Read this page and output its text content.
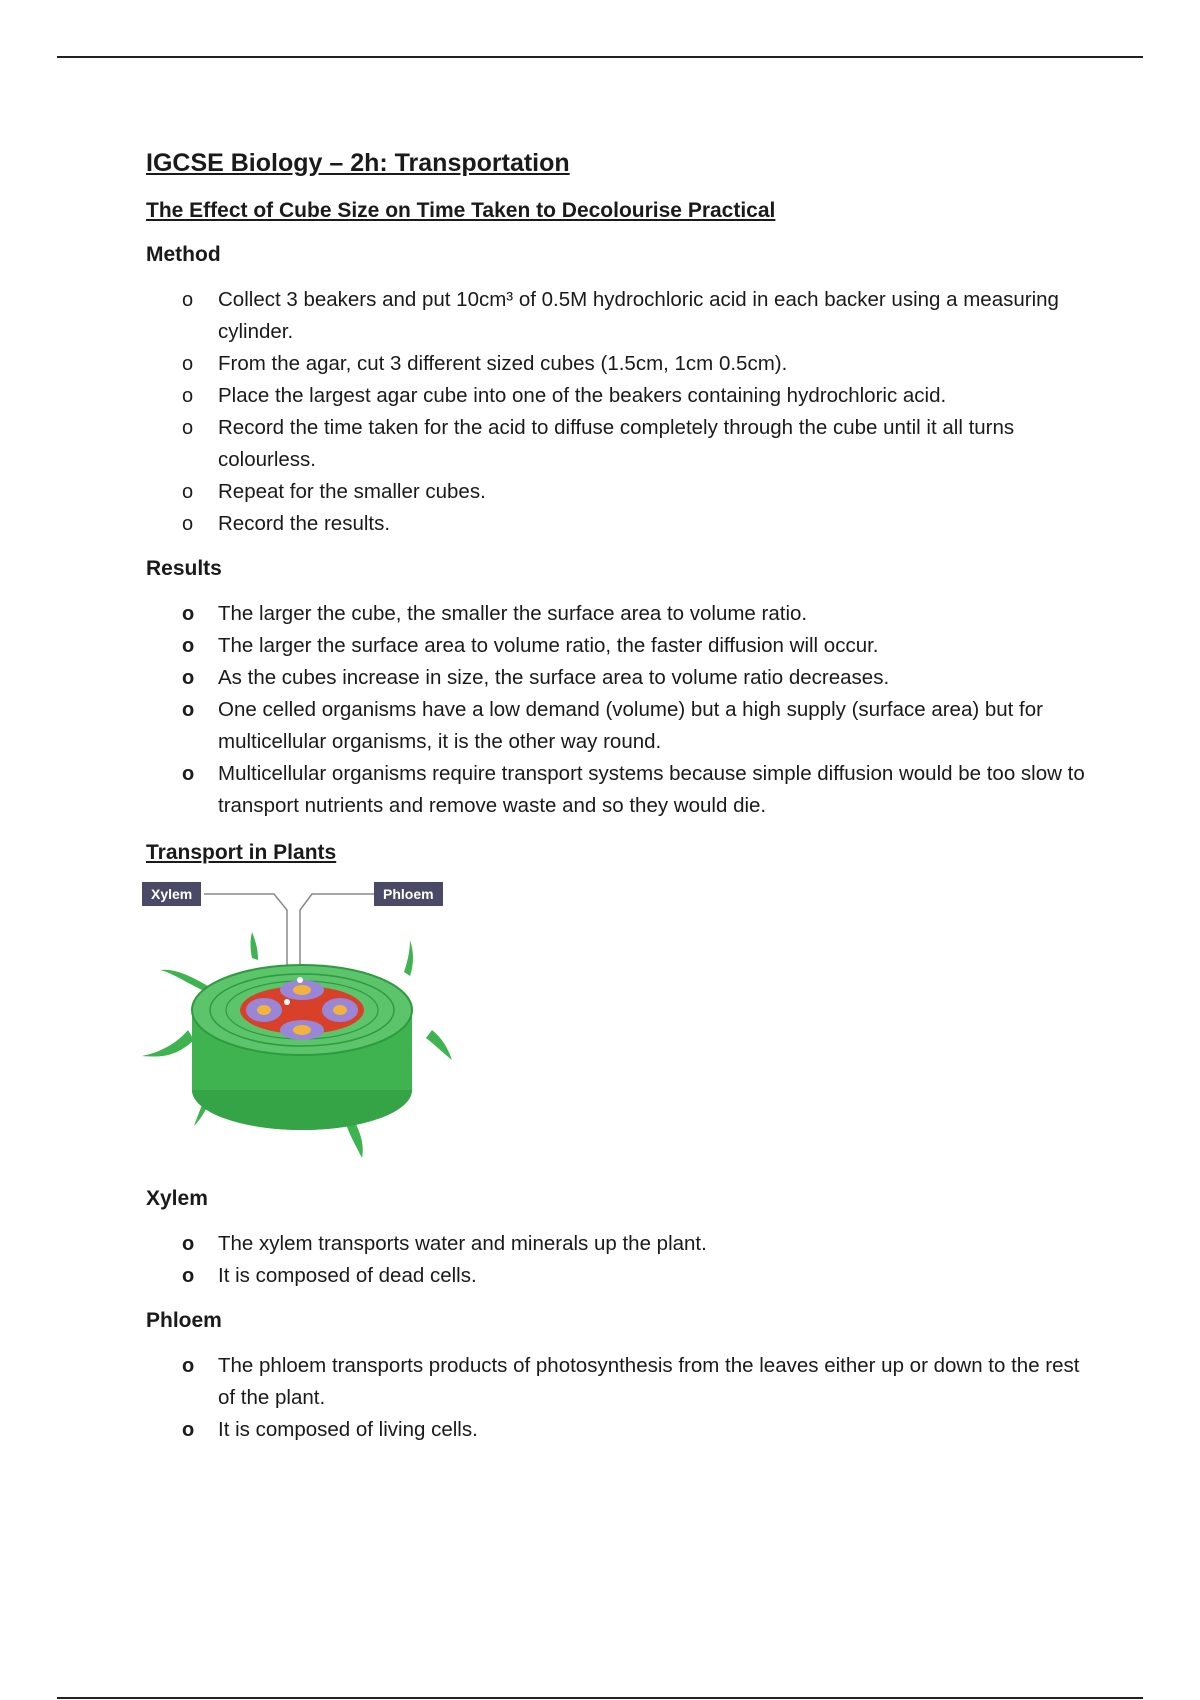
IGCSE Biology – 2h: Transportation
The Effect of Cube Size on Time Taken to Decolourise Practical
Method
o Collect 3 beakers and put 10cm³ of 0.5M hydrochloric acid in each backer using a measuring cylinder.
o From the agar, cut 3 different sized cubes (1.5cm, 1cm 0.5cm).
o Place the largest agar cube into one of the beakers containing hydrochloric acid.
o Record the time taken for the acid to diffuse completely through the cube until it all turns colourless.
o Repeat for the smaller cubes.
o Record the results.
Results
o The larger the cube, the smaller the surface area to volume ratio.
o The larger the surface area to volume ratio, the faster diffusion will occur.
o As the cubes increase in size, the surface area to volume ratio decreases.
o One celled organisms have a low demand (volume) but a high supply (surface area) but for multicellular organisms, it is the other way round.
o Multicellular organisms require transport systems because simple diffusion would be too slow to transport nutrients and remove waste and so they would die.
Transport in Plants
Xylem	Phloem
Xylem
o The xylem transports water and minerals up the plant.
o It is composed of dead cells.
Phloem
o The phloem transports products of photosynthesis from the leaves either up or down to the rest of the plant.
o It is composed of living cells.
